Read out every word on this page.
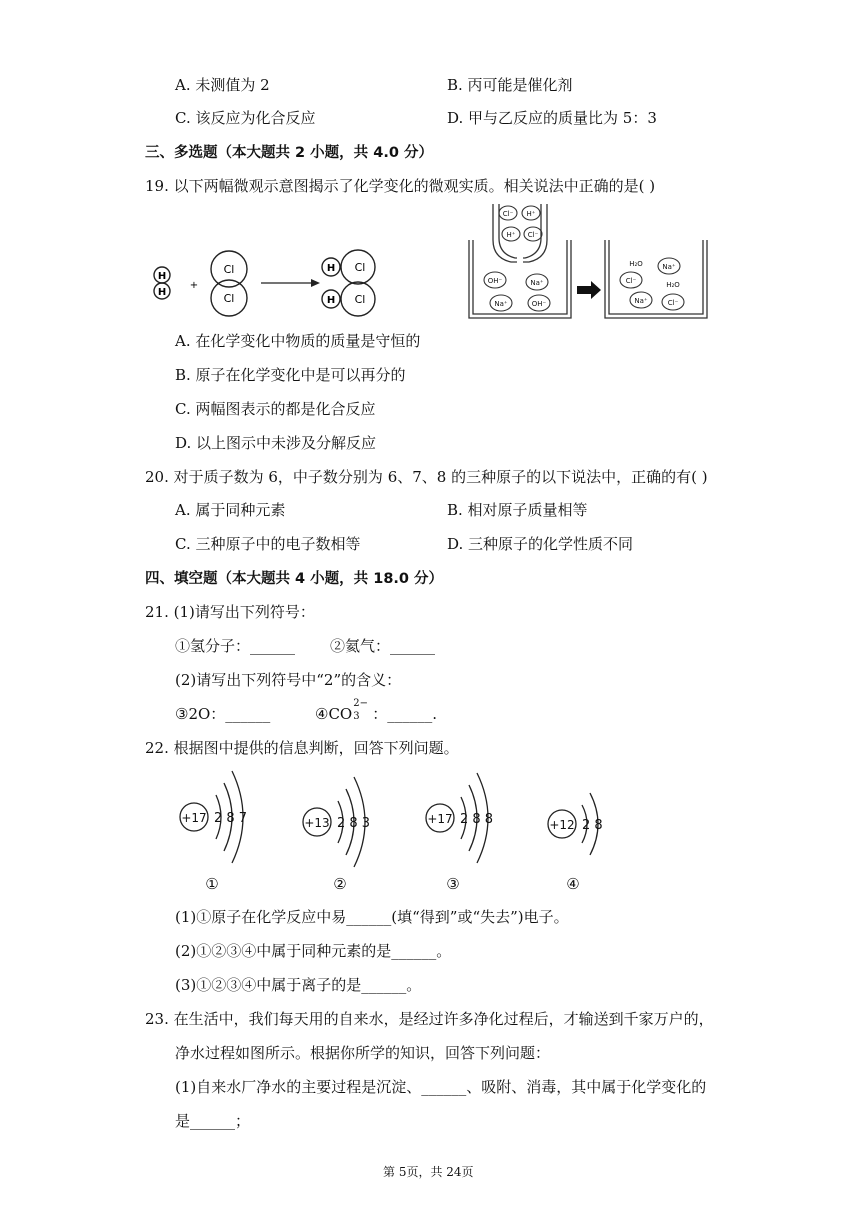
A. 未测值为 2	B. 丙可能是催化剂
C. 该反应为化合反应	D. 甲与乙反应的质量比为 5：3
三、多选题（本大题共 2 小题，共 4.0 分）
19. 以下两幅微观示意图揭示了化学变化的微观实质。相关说法中正确的是( )
H
H
+
Cl
Cl
H Cl
H Cl
Cl⁻ H⁺
H⁺ Cl⁻
OH⁻	Na⁺
Na⁺	OH⁻
H₂O	Na⁺
Cl⁻	H₂O
Na⁺	Cl⁻
A. 在化学变化中物质的质量是守恒的
B. 原子在化学变化中是可以再分的
C. 两幅图表示的都是化合反应
D. 以上图示中未涉及分解反应
20. 对于质子数为 6，中子数分别为 6、7、8 的三种原子的以下说法中，正确的有( )
A. 属于同种元素	B. 相对原子质量相等
C. 三种原子中的电子数相等	D. 三种原子的化学性质不同
四、填空题（本大题共 4 小题，共 18.0 分）
21. (1)请写出下列符号：
①氢分子：______ ②氦气：______
(2)请写出下列符号中“2”的含义：
③2O：______	④CO
2−
3 ：______.
22. 根据图中提供的信息判断，回答下列问题。
+17 2 8 7	+13 2 8 3	+17 2 8 8	+12 2 8
①	②	③	④
(1)①原子在化学反应中易______(填“得到”或“失去”)电子。
(2)①②③④中属于同种元素的是______。
(3)①②③④中属于离子的是______。
23. 在生活中，我们每天用的自来水，是经过许多净化过程后，才输送到千家万户的，
净水过程如图所示。根据你所学的知识，回答下列问题：
(1)自来水厂净水的主要过程是沉淀、______、吸附、消毒，其中属于化学变化的
是______；
第 5页，共 24页
